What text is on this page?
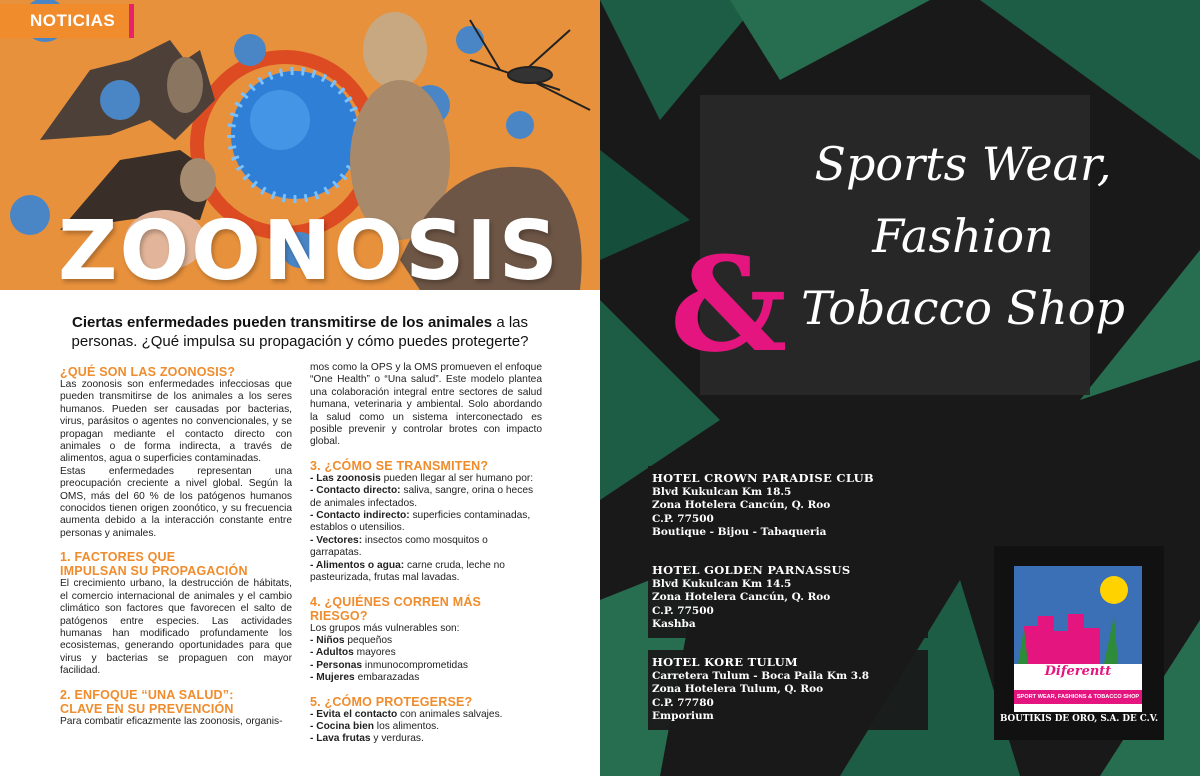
NOTICIAS
ZOONOSIS
Ciertas enfermedades pueden transmitirse de los animales a las personas. ¿Qué impulsa su propagación y cómo puedes protegerte?
¿QUÉ SON LAS ZOONOSIS?

Las zoonosis son enfermedades infecciosas que pueden transmitirse de los animales a los seres humanos. Pueden ser causadas por bacterias, virus, parásitos o agentes no convencionales, y se propagan mediante el contacto directo con animales o de forma indirecta, a través de alimentos, agua o superficies contaminadas.

Estas enfermedades representan una preocupación creciente a nivel global. Según la OMS, más del 60 % de los patógenos humanos conocidos tienen origen zoonótico, y su frecuencia aumenta debido a la interacción constante entre personas y animales.

1. FACTORES QUE
IMPULSAN SU PROPAGACIÓN

El crecimiento urbano, la destrucción de hábitats, el comercio internacional de animales y el cambio climático son factores que favorecen el salto de patógenos entre especies. Las actividades humanas han modificado profundamente los ecosistemas, generando oportunidades para que virus y bacterias se propaguen con mayor facilidad.

2. ENFOQUE “UNA SALUD”:
CLAVE EN SU PREVENCIÓN

Para combatir eficazmente las zoonosis, organis-

mos como la OPS y la OMS promueven el enfoque “One Health” o “Una salud”. Este modelo plantea una colaboración integral entre sectores de salud humana, veterinaria y ambiental. Solo abordando la salud como un sistema interconectado es posible prevenir y controlar brotes con impacto global.

3. ¿CÓMO SE TRANSMITEN?
- Las zoonosis pueden llegar al ser humano por:
- Contacto directo: saliva, sangre, orina o heces de animales infectados.
- Contacto indirecto: superficies contaminadas, establos o utensilios.
- Vectores: insectos como mosquitos o garrapatas.
- Alimentos o agua: carne cruda, leche no pasteurizada, frutas mal lavadas.
4. ¿QUIÉNES CORREN MÁS RIESGO?
Los grupos más vulnerables son:
- Niños pequeños
- Adultos mayores
- Personas inmunocomprometidas
- Mujeres embarazadas
5. ¿CÓMO PROTEGERSE?
- Evita el contacto con animales salvajes.
- Cocina bien los alimentos.
- Lava frutas y verduras.
&
Sports Wear,
Fashion
Tobacco Shop
HOTEL CROWN PARADISE CLUB
Blvd Kukulcan Km 18.5
Zona Hotelera Cancún, Q. Roo
C.P. 77500
Boutique - Bijou - Tabaqueria
HOTEL GOLDEN PARNASSUS
Blvd Kukulcan Km 14.5
Zona Hotelera Cancún, Q. Roo
C.P. 77500
Kashba
HOTEL KORE TULUM
Carretera Tulum - Boca Paila Km 3.8
Zona Hotelera Tulum, Q. Roo
C.P. 77780
Emporium
Diferentt
SPORT WEAR, FASHIONS & TOBACCO SHOP
BOUTIKIS DE ORO, S.A. DE C.V.
